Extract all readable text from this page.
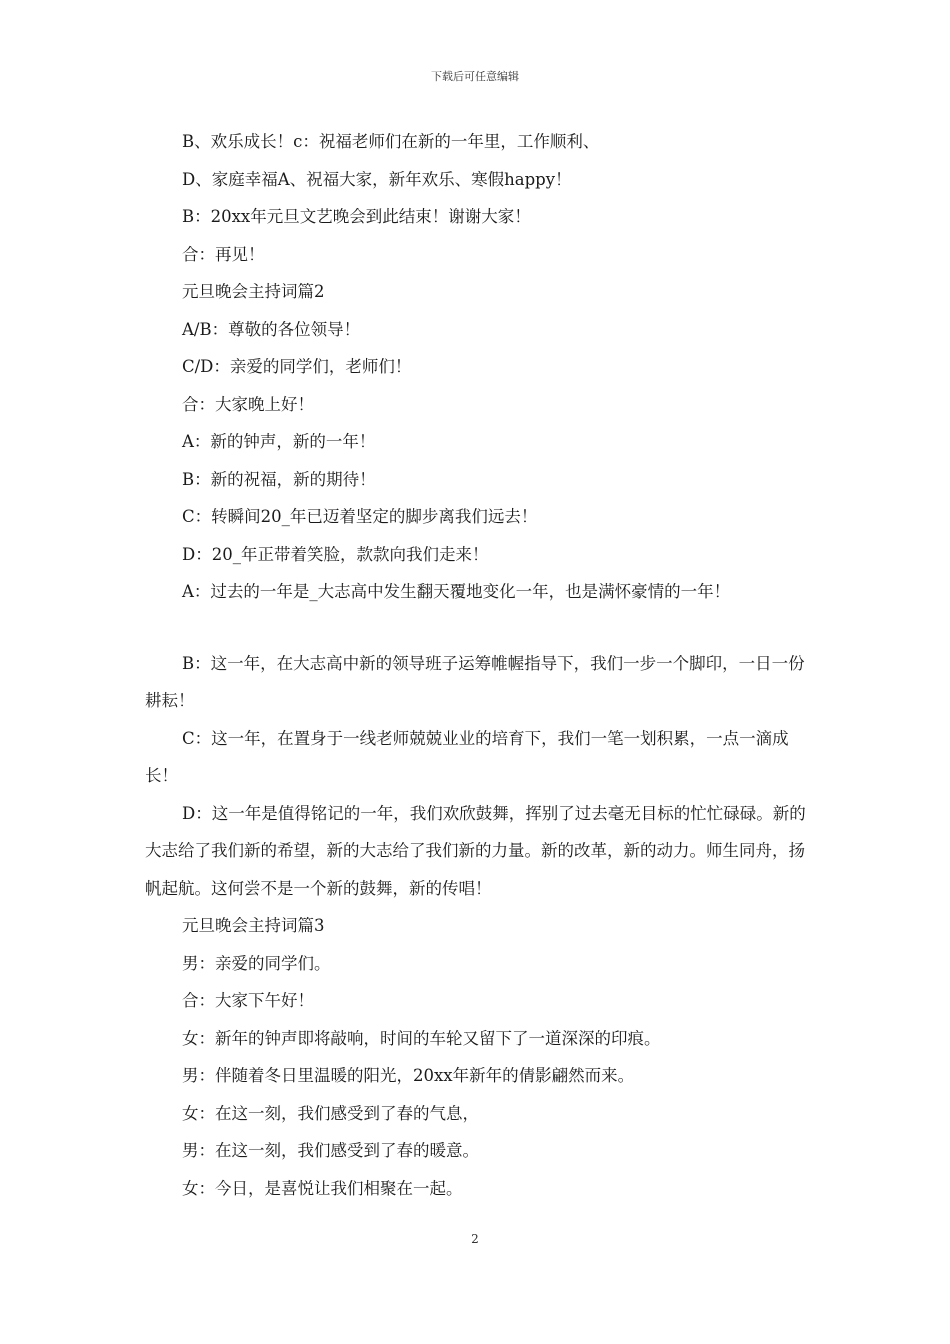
下载后可任意编辑

B、欢乐成长！c：祝福老师们在新的一年里，工作顺利、

D、家庭幸福A、祝福大家，新年欢乐、寒假happy！

B：20xx年元旦文艺晚会到此结束！谢谢大家！

合：再见！

元旦晚会主持词篇2

A/B：尊敬的各位领导！

C/D：亲爱的同学们，老师们！

合：大家晚上好！

A：新的钟声，新的一年！

B：新的祝福，新的期待！

C：转瞬间20_年已迈着坚定的脚步离我们远去！

D：20_年正带着笑脸，款款向我们走来！

A：过去的一年是_大志高中发生翻天覆地变化一年，也是满怀豪情的一年！

B：这一年，在大志高中新的领导班子运筹帷幄指导下，我们一步一个脚印，一日一份耕耘！

C：这一年，在置身于一线老师兢兢业业的培育下，我们一笔一划积累，一点一滴成长！

D：这一年是值得铭记的一年，我们欢欣鼓舞，挥别了过去毫无目标的忙忙碌碌。新的大志给了我们新的希望，新的大志给了我们新的力量。新的改革，新的动力。师生同舟，扬帆起航。这何尝不是一个新的鼓舞，新的传唱！

元旦晚会主持词篇3

男：亲爱的同学们。

合：大家下午好！

女：新年的钟声即将敲响，时间的车轮又留下了一道深深的印痕。

男：伴随着冬日里温暖的阳光，20xx年新年的倩影翩然而来。

女：在这一刻，我们感受到了春的气息，

男：在这一刻，我们感受到了春的暖意。

女：今日，是喜悦让我们相聚在一起。

2
